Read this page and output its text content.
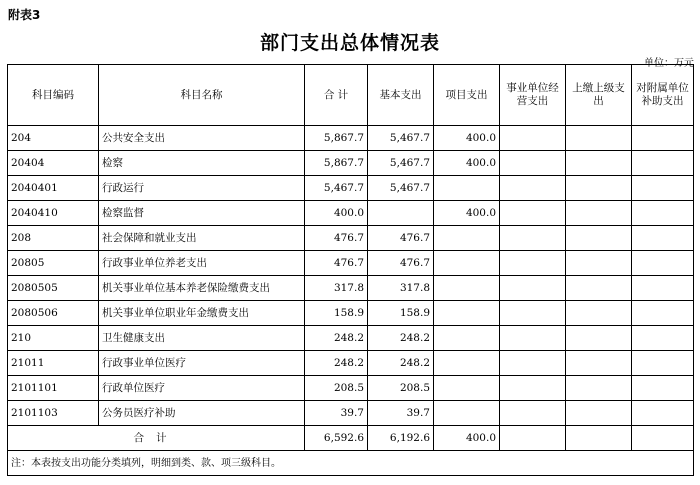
附表3
部门支出总体情况表
单位：万元
科目编码	科目名称	合 计	基本支出	项目支出	事业单位经营支出	上缴上级支出	对附属单位补助支出
204	公共安全支出	5,867.7	5,467.7	400.0			
20404	检察	5,867.7	5,467.7	400.0			
2040401	行政运行	5,467.7	5,467.7				
2040410	检察监督	400.0		400.0			
208	社会保障和就业支出	476.7	476.7				
20805	行政事业单位养老支出	476.7	476.7				
2080505	机关事业单位基本养老保险缴费支出	317.8	317.8				
2080506	机关事业单位职业年金缴费支出	158.9	158.9				
210	卫生健康支出	248.2	248.2				
21011	行政事业单位医疗	248.2	248.2				
2101101	行政单位医疗	208.5	208.5				
2101103	公务员医疗补助	39.7	39.7				
合计		6,592.6	6,192.6	400.0			
注：本表按支出功能分类填列，明细到类、款、项三级科目。							
